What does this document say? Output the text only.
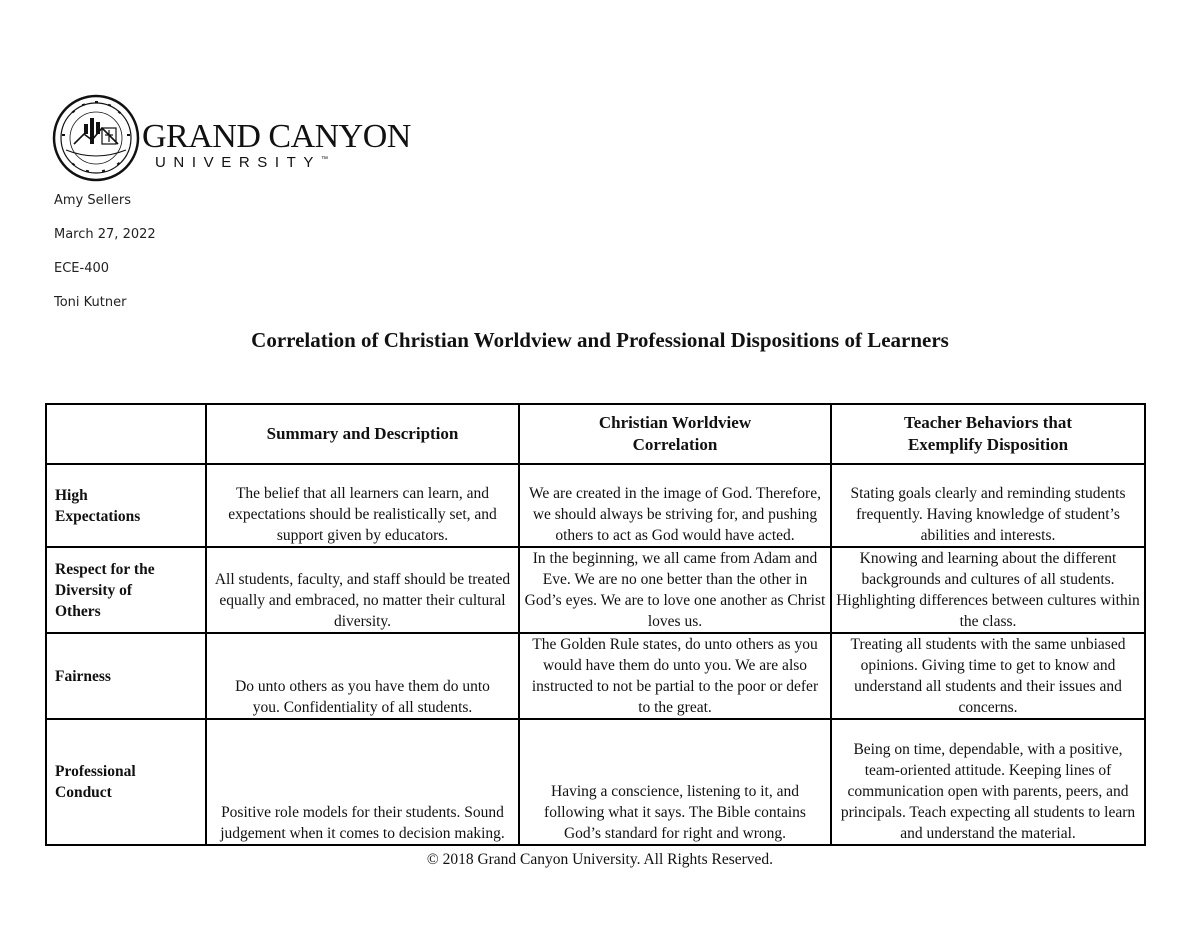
GRAND CANYON
UNIVERSITY™
Amy Sellers
March 27, 2022
ECE-400
Toni Kutner
Correlation of Christian Worldview and Professional Dispositions of Learners
	Summary and Description	Christian Worldview Correlation	Teacher Behaviors that Exemplify Disposition
High Expectations	The belief that all learners can learn, and expectations should be realistically set, and support given by educators.	We are created in the image of God. Therefore, we should always be striving for, and pushing others to act as God would have acted.	Stating goals clearly and reminding students frequently. Having knowledge of student’s abilities and interests.
Respect for the Diversity of Others	All students, faculty, and staff should be treated equally and embraced, no matter their cultural diversity.	In the beginning, we all came from Adam and Eve. We are no one better than the other in God’s eyes. We are to love one another as Christ loves us.	Knowing and learning about the different backgrounds and cultures of all students. Highlighting differences between cultures within the class.
Fairness	Do unto others as you have them do unto you. Confidentiality of all students.	The Golden Rule states, do unto others as you would have them do unto you. We are also instructed to not be partial to the poor or defer to the great.	Treating all students with the same unbiased opinions. Giving time to get to know and understand all students and their issues and concerns.
Professional Conduct	Positive role models for their students. Sound judgement when it comes to decision making.	Having a conscience, listening to it, and following what it says. The Bible contains God’s standard for right and wrong.	Being on time, dependable, with a positive, team-oriented attitude. Keeping lines of communication open with parents, peers, and principals. Teach expecting all students to learn and understand the material.
© 2018 Grand Canyon University. All Rights Reserved.
